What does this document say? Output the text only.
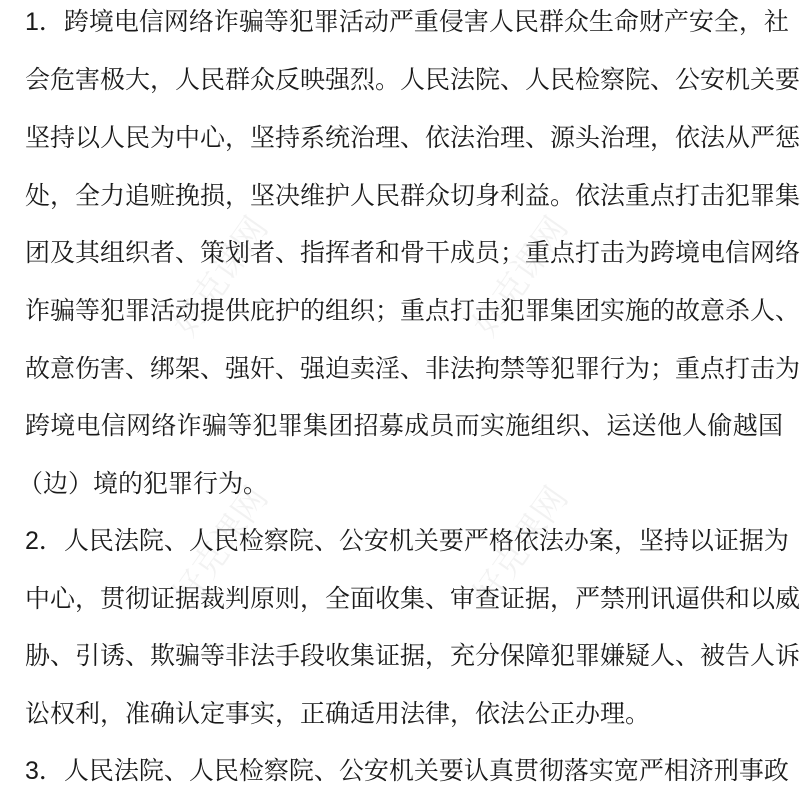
好克课网	好克课网
好克课网	好克课网
1．跨境电信网络诈骗等犯罪活动严重侵害人民群众生命财产安全，社
会危害极大，人民群众反映强烈。人民法院、人民检察院、公安机关要
坚持以人民为中心，坚持系统治理、依法治理、源头治理，依法从严惩
处，全力追赃挽损，坚决维护人民群众切身利益。依法重点打击犯罪集
团及其组织者、策划者、指挥者和骨干成员；重点打击为跨境电信网络
诈骗等犯罪活动提供庇护的组织；重点打击犯罪集团实施的故意杀人、
故意伤害、绑架、强奸、强迫卖淫、非法拘禁等犯罪行为；重点打击为
跨境电信网络诈骗等犯罪集团招募成员而实施组织、运送他人偷越国
（边）境的犯罪行为。
2．人民法院、人民检察院、公安机关要严格依法办案，坚持以证据为
中心，贯彻证据裁判原则，全面收集、审查证据，严禁刑讯逼供和以威
胁、引诱、欺骗等非法手段收集证据，充分保障犯罪嫌疑人、被告人诉
讼权利，准确认定事实，正确适用法律，依法公正办理。
3．人民法院、人民检察院、公安机关要认真贯彻落实宽严相济刑事政
